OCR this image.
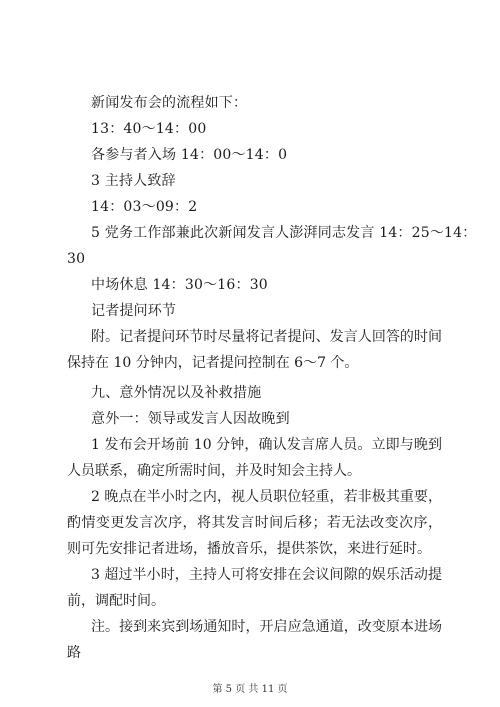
新闻发布会的流程如下：
13：40～14：00
各参与者入场 14：00～14：0
3 主持人致辞
14：03～09：2
5 党务工作部兼此次新闻发言人澎湃同志发言 14：25～14：
30
中场休息 14：30～16：30
记者提问环节
附。记者提问环节时尽量将记者提问、发言人回答的时间保持在 10 分钟内，记者提问控制在 6～7 个。
九、意外情况以及补救措施
意外一：领导或发言人因故晚到
1 发布会开场前 10 分钟，确认发言席人员。立即与晚到人员联系，确定所需时间，并及时知会主持人。
2 晚点在半小时之内，视人员职位轻重，若非极其重要，酌情变更发言次序，将其发言时间后移；若无法改变次序，则可先安排记者进场，播放音乐，提供茶饮，来进行延时。
3 超过半小时，主持人可将安排在会议间隙的娱乐活动提前，调配时间。
注。接到来宾到场通知时，开启应急通道，改变原本进场路
第 5 页 共 11 页
